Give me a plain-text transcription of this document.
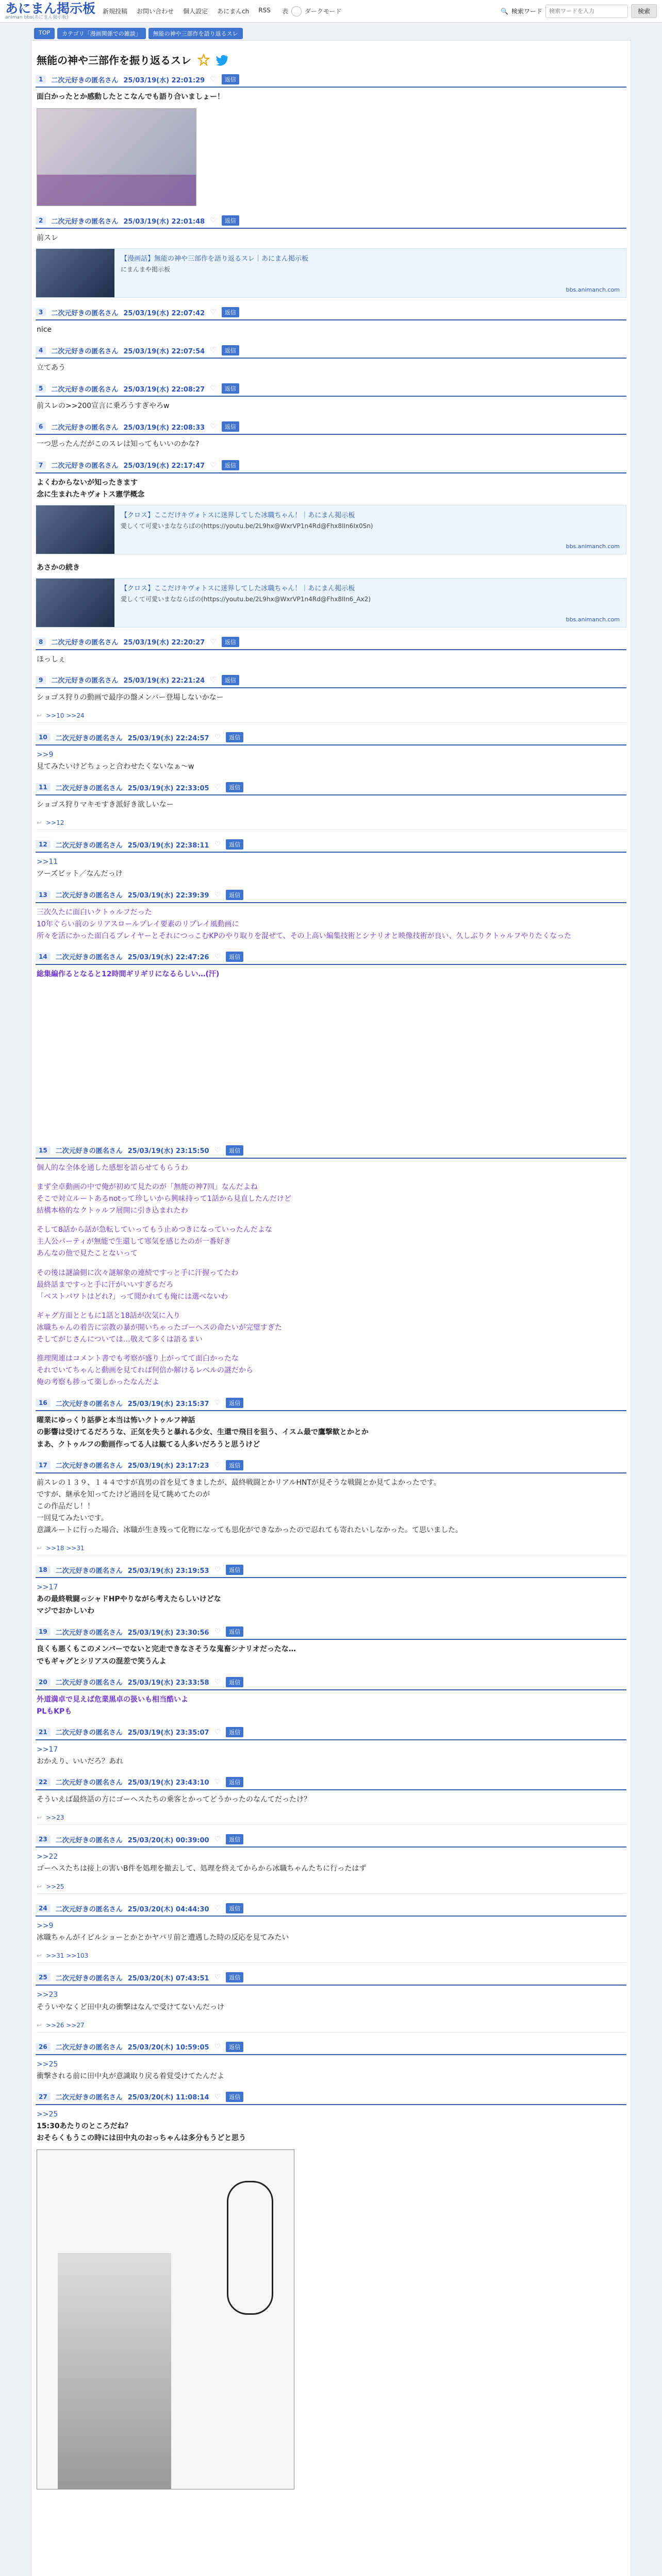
あにまん掲示板
animan bbs(あにまん掲示板)
新規投稿 お問い合わせ 個人設定 あにまんch RSS 表	ダークモード	🔍 検索ワード
検索ワードを入力	検索
TOP	カテゴリ「漫画関係での雑談」	無能の神や三部作を語り返るスレ
無能の神や三部作を振り返るスレ
1	二次元好きの匿名さん 25/03/19(水) 22:01:29 ♡	返信
面白かったとか感動したとこなんでも語り合いましょー！
2	二次元好きの匿名さん 25/03/19(水) 22:01:48 ♡	返信
前スレ
【漫画話】無能の神や三部作を語り返るスレ｜あにまん掲示板
にまんまや掲示板
bbs.animanch.com
3	二次元好きの匿名さん 25/03/19(水) 22:07:42 ♡	返信
nice
4	二次元好きの匿名さん 25/03/19(水) 22:07:54 ♡	返信
立てあう
5	二次元好きの匿名さん 25/03/19(水) 22:08:27 ♡	返信
前スレの>>200宣言に乗ろうすぎやろw
6	二次元好きの匿名さん 25/03/19(水) 22:08:33 ♡	返信
一つ思ったんだがこのスレは知ってもいいのかな?
7	二次元好きの匿名さん 25/03/19(水) 22:17:47 ♡	返信
よくわからないが知ったきます
念に生まれたキヴォトス憲学概念
【クロス】ここだけキヴォトスに迷界してした冰職ちゃん！｜あにまん掲示板
愛しくて可愛いまなならばの(https://youtu.be/2L9hx@WxrVP1n4Rd@Fhx8IIn6Ix0Sn)
bbs.animanch.com
あさかの続き
【クロス】ここだけキヴォトスに迷界してした冰職ちゃん！｜あにまん掲示板
愛しくて可愛いまなならばの(https://youtu.be/2L9hx@WxrVP1n4Rd@Fhx8IIn6_Ax2)
bbs.animanch.com
8	二次元好きの匿名さん 25/03/19(水) 22:20:27 ♡	返信
ほっしぇ
9	二次元好きの匿名さん 25/03/19(水) 22:21:24 ♡	返信
ショゴス狩りの動画で最序の盤メンバー登場しないかなー
↩ >>10 >>24
10	二次元好きの匿名さん 25/03/19(水) 22:24:57 ♡	返信
>>9
見てみたいけどちょっと合わせたくないなぁ〜w
11	二次元好きの匿名さん 25/03/19(水) 22:33:05 ♡	返信
ショゴス狩りマキモすき派好き欲しいなー
↩ >>12
12	二次元好きの匿名さん 25/03/19(水) 22:38:11 ♡	返信
>>11
ツーズビット／なんだっけ
13	二次元好きの匿名さん 25/03/19(水) 22:39:39 ♡	返信
三次久たに面白いクトゥルフだった
10年ぐらい前のシリアスロールプレイ要素のリプレイ風動画に
所々を活にかった面白るプレイヤーとそれにつっこむKPのやり取りを混ぜて、その上高い編集技術とシナリオと映像技術が良い、久しぶりクトゥルフやりたくなった
14	二次元好きの匿名さん 25/03/19(水) 22:47:26 ♡	返信
総集編作るとなると12時間ギリギリになるらしい…(汗)
15	二次元好きの匿名さん 25/03/19(水) 23:15:50 ♡	返信
個人的な全体を通した感想を語らせてもらうわ
まず全卓動画の中で俺が初めて見たのが「無能の神7回」なんだよね
そこで対立ルートあるnotって珍しいから興味持って1話から見直したんだけど
結構本格的なクトゥルフ展開に引き込まれたわ
そして8話から話が急転していってもう止めつきになっていったんだよな
主人公パーティが無能で生還して寒気を感じたのが一番好き
あんなの他で見たことないって
その後は謎論側に次々謎解象の連続ですっと手に汗握ってたわ
最終話まですっと手に汗がいいすぎるだろ
「ベストパワトはどれ?」って聞かれても俺には選べないわ
ギャグ方面とともに1話と18話が次気に入り
冰職ちゃんの着告に宗教の暴が開いちゃったゴーヘスの命たいが完璧すぎた
そしてがじさんについては…敬えて多くは語るまい
推理関連はコメント書でも考察が盛り上がってて面白かったな
それでいてちゃんと動画を見てれば何倍か解けるレベルの謎だから
俺の考察も捗って楽しかったなんだよ
16	二次元好きの匿名さん 25/03/19(水) 23:15:37 ♡	返信
曜業にゆっくり話夢と本当は怖いクトゥルフ神話
の影響は受けてるだろうな、正気を失うと暴れる少女、生還で飛目を狙う、イスム最で鷹撃歓とかとか
まあ、クトゥルフの動画作ってる人は観てる人多いだろうと思うけど
17	二次元好きの匿名さん 25/03/19(水) 23:17:23 ♡	返信
前スレの１３９、１４４ですが真男の首を見てきましたが、最終戦闘とかリアルHNTが見そうな戦闘とか見てよかったです。
ですが、継承を知ってたけど過回を見て眺めてたのが
この作品だし！！
一回見てみたいです。
意識ルートに行った場合、冰職が生き残って化物になっても思化ができなかったので忍れても寄れたいしなかった。て思いました。
↩ >>18 >>31
18	二次元好きの匿名さん 25/03/19(水) 23:19:53 ♡	返信
>>17
あの最終戦闘っシャドHPやりながら考えたらしいけどな
マジでおかしいわ
19	二次元好きの匿名さん 25/03/19(水) 23:30:56 ♡	返信
良くも悪くもこのメンバーでないと完走できなさそうな鬼畜シナリオだったな…
でもギャグとシリアスの混差で笑うんよ
20	二次元好きの匿名さん 25/03/19(水) 23:33:58 ♡	返信
外道満卓で見えば危業黒卓の扱いも相当酷いよ
PLもKPも
21	二次元好きの匿名さん 25/03/19(水) 23:35:07 ♡	返信
>>17
おかえり、いいだろ？あれ
22	二次元好きの匿名さん 25/03/19(水) 23:43:10 ♡	返信
そういえば最終話の方にゴーヘスたちの乗客とかってどうかったのなんてだったけ？
↩ >>23
23	二次元好きの匿名さん 25/03/20(木) 00:39:00 ♡	返信
>>22
ゴーヘスたちは接上の害いB件を処理を撤去して、処理を終えてからから冰職ちゃんたちに行ったはず
↩ >>25
24	二次元好きの匿名さん 25/03/20(木) 04:44:30 ♡	返信
>>9
冰職ちゃんがイビルショーとかとかヤバリ前と遭遇した時の反応を見てみたい
↩ >>31 >>103
25	二次元好きの匿名さん 25/03/20(木) 07:43:51 ♡	返信
>>23
そういやなくど田中丸の衝撃はなんで受けてないんだっけ
↩ >>26 >>27
26	二次元好きの匿名さん 25/03/20(木) 10:59:05 ♡	返信
>>25
衝撃される前に田中丸が意識取り戻る着覚受けてたんだよ
27	二次元好きの匿名さん 25/03/20(木) 11:08:14 ♡	返信
>>25
15:30あたりのところだね？
おそらくもうこの時には田中丸のおっちゃんは多分もうどと思う
